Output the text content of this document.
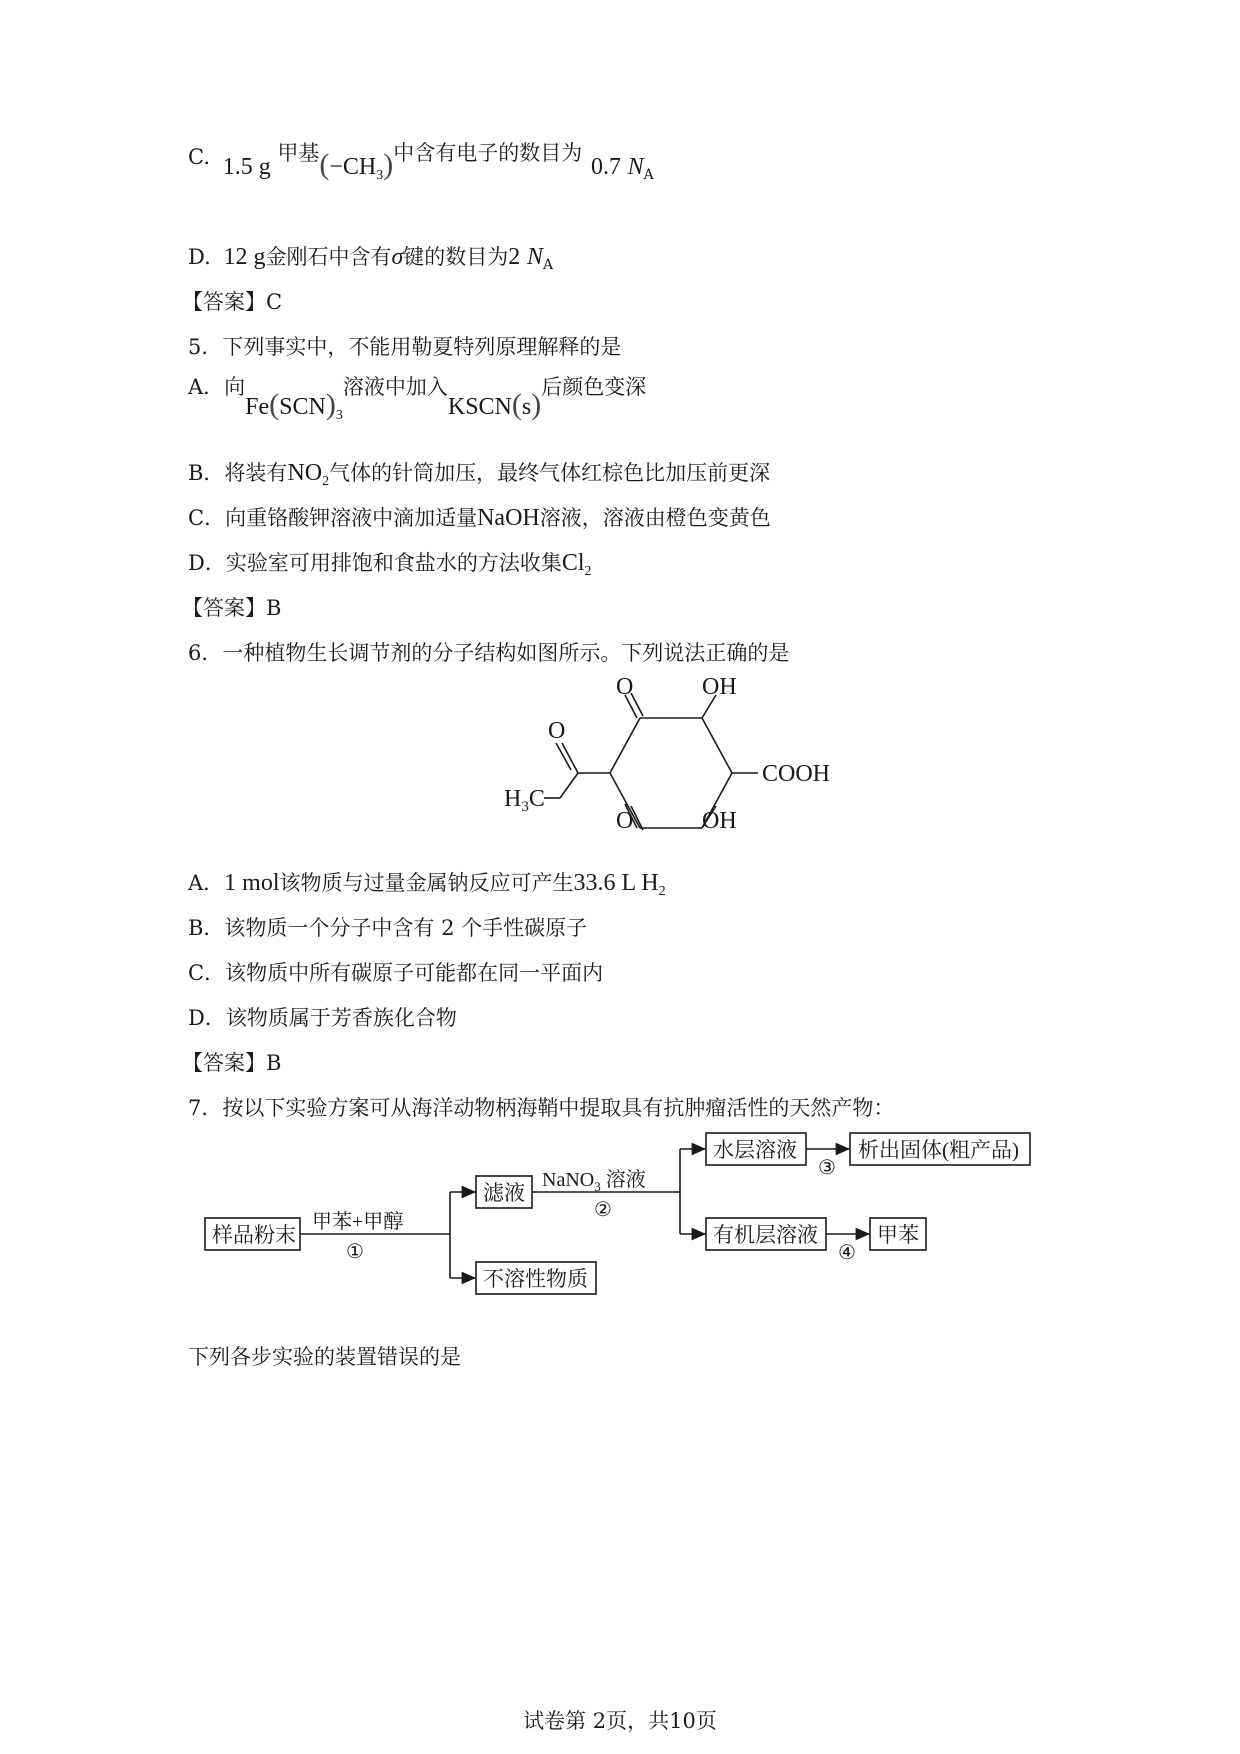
C. 1.5 g 甲基$(-CH_3)$中含有电子的数目为 0.7 $N_A$
D. 12 g金刚石中含有σ键的数目为2 $N_A$
【答案】C
5．下列事实中，不能用勒夏特列原理解释的是
A．向$Fe(SCN)_3$溶液中加入KSCN(s)后颜色变深
B．将装有$NO_2$气体的针筒加压，最终气体红棕色比加压前更深
C．向重铬酸钾溶液中滴加适量NaOH溶液，溶液由橙色变黄色
D．实验室可用排饱和食盐水的方法收集$Cl_2$
【答案】B
6．一种植物生长调节剂的分子结构如图所示。下列说法正确的是
O	OH
O
COOH
$H_3C$
O	OH
A．1 mol该物质与过量金属钠反应可产生33.6 L $H_2$
B．该物质一个分子中含有 2 个手性碳原子
C．该物质中所有碳原子可能都在同一平面内
D．该物质属于芳香族化合物
【答案】B
7．按以下实验方案可从海洋动物柄海鞘中提取具有抗肿瘤活性的天然产物：
样品粉末
甲苯+甲醇
①
滤液
不溶性物质
NaNO$_3$ 溶液
②
水层溶液
③
析出固体(粗产品)
有机层溶液
④
甲苯
下列各步实验的装置错误的是
试卷第 2页，共10页
